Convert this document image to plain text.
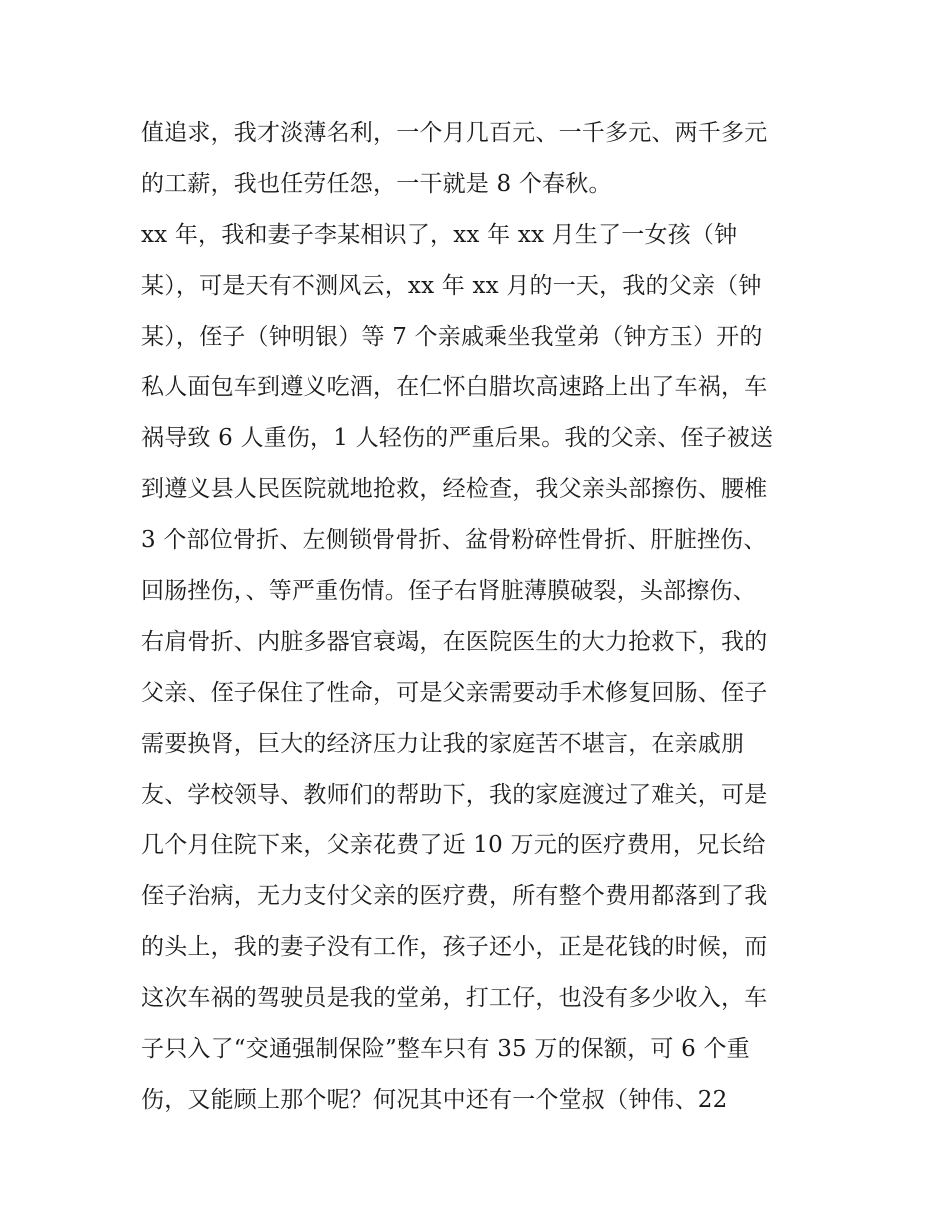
值追求，我才淡薄名利，一个月几百元、一千多元、两千多元
的工薪，我也任劳任怨，一干就是 8 个春秋。
xx 年，我和妻子李某相识了，xx 年 xx 月生了一女孩（钟
某），可是天有不测风云，xx 年 xx 月的一天，我的父亲（钟
某），侄子（钟明银）等 7 个亲戚乘坐我堂弟（钟方玉）开的
私人面包车到遵义吃酒，在仁怀白腊坎高速路上出了车祸，车
祸导致 6 人重伤，1 人轻伤的严重后果。我的父亲、侄子被送
到遵义县人民医院就地抢救，经检查，我父亲头部擦伤、腰椎
3 个部位骨折、左侧锁骨骨折、盆骨粉碎性骨折、肝脏挫伤、
回肠挫伤，、等严重伤情。侄子右肾脏薄膜破裂，头部擦伤、
右肩骨折、内脏多器官衰竭，在医院医生的大力抢救下，我的
父亲、侄子保住了性命，可是父亲需要动手术修复回肠、侄子
需要换肾，巨大的经济压力让我的家庭苦不堪言，在亲戚朋
友、学校领导、教师们的帮助下，我的家庭渡过了难关，可是
几个月住院下来，父亲花费了近 10 万元的医疗费用，兄长给
侄子治病，无力支付父亲的医疗费，所有整个费用都落到了我
的头上，我的妻子没有工作，孩子还小，正是花钱的时候，而
这次车祸的驾驶员是我的堂弟，打工仔，也没有多少收入，车
子只入了“交通强制保险”整车只有 35 万的保额，可 6 个重
伤，又能顾上那个呢？何况其中还有一个堂叔（钟伟、22
